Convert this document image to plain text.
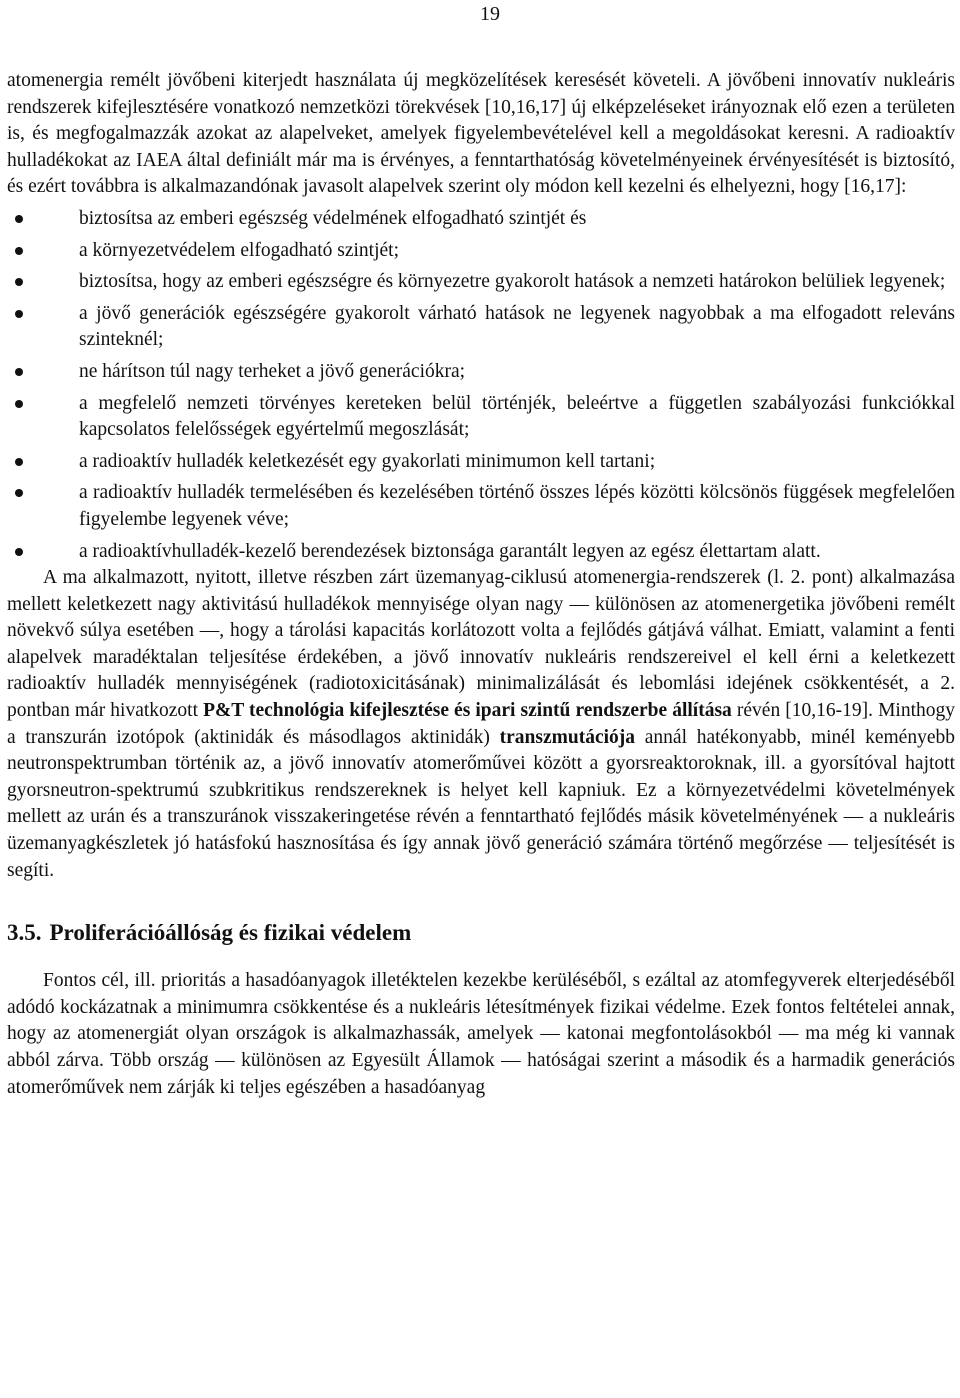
19

atomenergia remélt jövőbeni kiterjedt használata új megközelítések keresését követeli. A jövőbeni innovatív nukleáris rendszerek kifejlesztésére vonatkozó nemzetközi törekvések [10,16,17] új elképzeléseket irányoznak elő ezen a területen is, és megfogalmazzák azokat az alapelveket, amelyek figyelembevételével kell a megoldásokat keresni. A radioaktív hulladékokat az IAEA által definiált már ma is érvényes, a fenntarthatóság követelményeinek érvényesítését is biztosító, és ezért továbbra is alkalmazandónak javasolt alapelvek szerint oly módon kell kezelni és elhelyezni, hogy [16,17]:

biztosítsa az emberi egészség védelmének elfogadható szintjét és
a környezetvédelem elfogadható szintjét;
biztosítsa, hogy az emberi egészségre és környezetre gyakorolt hatások a nemzeti határokon belüliek legyenek;
a jövő generációk egészségére gyakorolt várható hatások ne legyenek nagyobbak a ma elfogadott releváns szinteknél;
ne hárítson túl nagy terheket a jövő generációkra;
a megfelelő nemzeti törvényes kereteken belül történjék, beleértve a független szabályozási funkciókkal kapcsolatos felelősségek egyértelmű megoszlását;
a radioaktív hulladék keletkezését egy gyakorlati minimumon kell tartani;
a radioaktív hulladék termelésében és kezelésében történő összes lépés közötti kölcsönös függések megfelelően figyelembe legyenek véve;
a radioaktívhulladék-kezelő berendezések biztonsága garantált legyen az egész élettartam alatt.

A ma alkalmazott, nyitott, illetve részben zárt üzemanyag-ciklusú atomenergia-rendszerek (l. 2. pont) alkalmazása mellett keletkezett nagy aktivitású hulladékok mennyisége olyan nagy — különösen az atomenergetika jövőbeni remélt növekvő súlya esetében —, hogy a tárolási kapacitás korlátozott volta a fejlődés gátjává válhat. Emiatt, valamint a fenti alapelvek maradéktalan teljesítése érdekében, a jövő innovatív nukleáris rendszereivel el kell érni a keletkezett radioaktív hulladék mennyiségének (radiotoxicitásának) minimalizálását és lebomlási idejének csökkentését, a 2. pontban már hivatkozott P&T technológia kifejlesztése és ipari szintű rendszerbe állítása révén [10,16-19]. Minthogy a transzurán izotópok (aktinidák és másodlagos aktinidák) transzmutációja annál hatékonyabb, minél keményebb neutronspektrumban történik az, a jövő innovatív atomerőművei között a gyorsreaktoroknak, ill. a gyorsítóval hajtott gyorsneutron-spektrumú szubkritikus rendszereknek is helyet kell kapniuk. Ez a környezetvédelmi követelmények mellett az urán és a transzuránok visszakeringetése révén a fenntartható fejlődés másik követelményének — a nukleáris üzemanyagkészletek jó hatásfokú hasznosítása és így annak jövő generáció számára történő megőrzése — teljesítését is segíti.

3.5. Proliferációállóság és fizikai védelem

Fontos cél, ill. prioritás a hasadóanyagok illetéktelen kezekbe kerüléséből, s ezáltal az atomfegyverek elterjedéséből adódó kockázatnak a minimumra csökkentése és a nukleáris létesítmények fizikai védelme. Ezek fontos feltételei annak, hogy az atomenergiát olyan országok is alkalmazhassák, amelyek — katonai megfontolásokból — ma még ki vannak abból zárva. Több ország — különösen az Egyesült Államok — hatóságai szerint a második és a harmadik generációs atomerőművek nem zárják ki teljes egészében a hasadóanyag
